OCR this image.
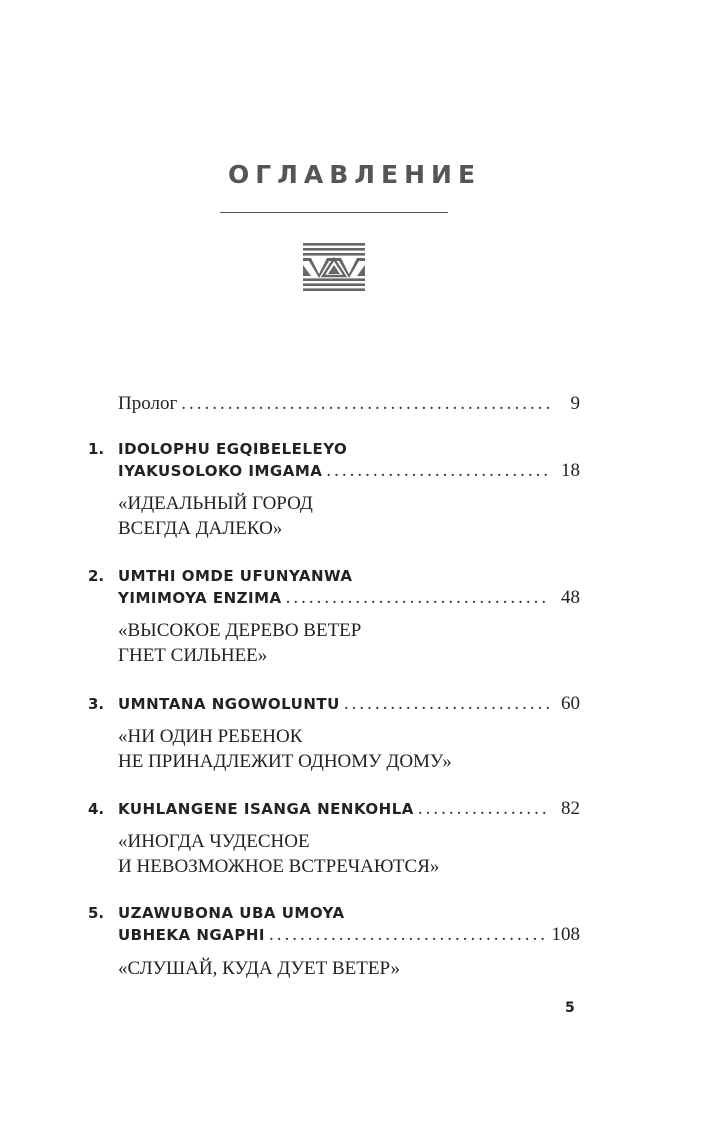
ОГЛАВЛЕНИЕ
Пролог .....	9
1. IDOLOPHU EGQIBELELEYO
IYAKUSOLOKO IMGAMA .....	18
«ИДЕАЛЬНЫЙ ГОРОД
ВСЕГДА ДАЛЕКО»
2. UMTHI OMDE UFUNYANWA
YIMIMOYA ENZIMA .....	48
«ВЫСОКОЕ ДЕРЕВО ВЕТЕР
ГНЕТ СИЛЬНЕЕ»
3. UMNTANA NGOWOLUNTU .....	60
«НИ ОДИН РЕБЕНОК
НЕ ПРИНАДЛЕЖИТ ОДНОМУ ДОМУ»
4. KUHLANGENE ISANGA NENKOHLA .....	82
«ИНОГДА ЧУДЕСНОЕ
И НЕВОЗМОЖНОЕ ВСТРЕЧАЮТСЯ»
5. UZAWUBONA UBA UMOYA
UBHEKA NGAPHI .....	108
«СЛУШАЙ, КУДА ДУЕТ ВЕТЕР»
5
